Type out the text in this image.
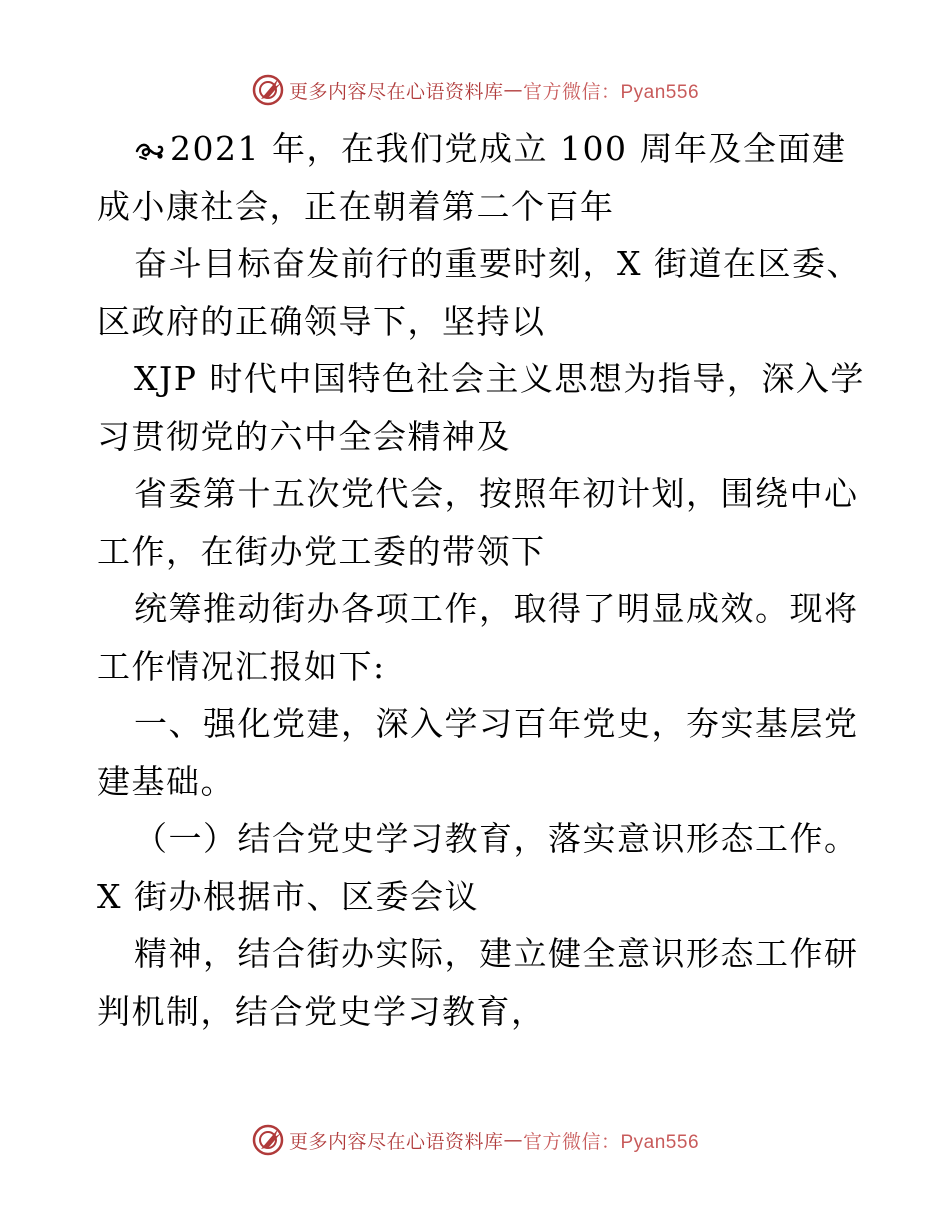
更多内容尽在心语资料库 — 官方微信：Pyan556
2021 年，在我们党成立 100 周年及全面建
成小康社会，正在朝着第二个百年
奋斗目标奋发前行的重要时刻，X 街道在区委、
区政府的正确领导下，坚持以
XJP 时代中国特色社会主义思想为指导，深入学
习贯彻党的六中全会精神及
省委第十五次党代会，按照年初计划，围绕中心
工作，在街办党工委的带领下
统筹推动街办各项工作，取得了明显成效。现将
工作情况汇报如下:
一、强化党建，深入学习百年党史，夯实基层党
建基础。
（一）结合党史学习教育，落实意识形态工作。
X 街办根据市、区委会议
精神，结合街办实际，建立健全意识形态工作研
判机制，结合党史学习教育，
更多内容尽在心语资料库 — 官方微信：Pyan556
